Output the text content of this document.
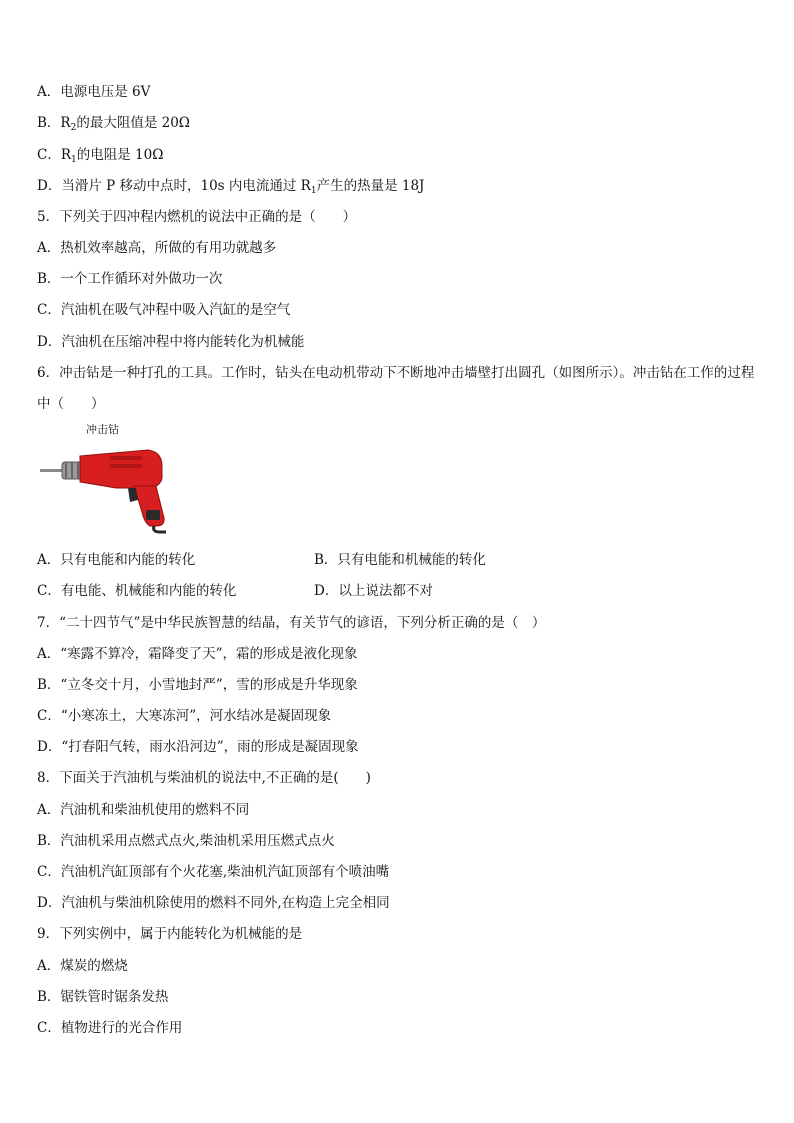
A．电源电压是 6V
B．$R_2$的最大阻值是 20Ω
C．$R_1$的电阻是 10Ω
D．当滑片 P 移动中点时，10s 内电流通过 $R_1$产生的热量是 18J
5．下列关于四冲程内燃机的说法中正确的是（　　）
A．热机效率越高，所做的有用功就越多
B．一个工作循环对外做功一次
C．汽油机在吸气冲程中吸入汽缸的是空气
D．汽油机在压缩冲程中将内能转化为机械能
6．冲击钻是一种打孔的工具。工作时，钻头在电动机带动下不断地冲击墙壁打出圆孔（如图所示）。冲击钻在工作的过程中（　　）
冲击钻
A．只有电能和内能的转化	B．只有电能和机械能的转化
C．有电能、机械能和内能的转化	D．以上说法都不对
7．“二十四节气”是中华民族智慧的结晶，有关节气的谚语，下列分析正确的是（　）
A．“寒露不算冷，霜降变了天”，霜的形成是液化现象
B．“立冬交十月，小雪地封严”，雪的形成是升华现象
C．“小寒冻土，大寒冻河”，河水结冰是凝固现象
D．“打春阳气转，雨水沿河边”，雨的形成是凝固现象
8．下面关于汽油机与柴油机的说法中,不正确的是(　　)
A．汽油机和柴油机使用的燃料不同
B．汽油机采用点燃式点火,柴油机采用压燃式点火
C．汽油机汽缸顶部有个火花塞,柴油机汽缸顶部有个喷油嘴
D．汽油机与柴油机除使用的燃料不同外,在构造上完全相同
9．下列实例中，属于内能转化为机械能的是
A．煤炭的燃烧
B．锯铁管时锯条发热
C．植物进行的光合作用
